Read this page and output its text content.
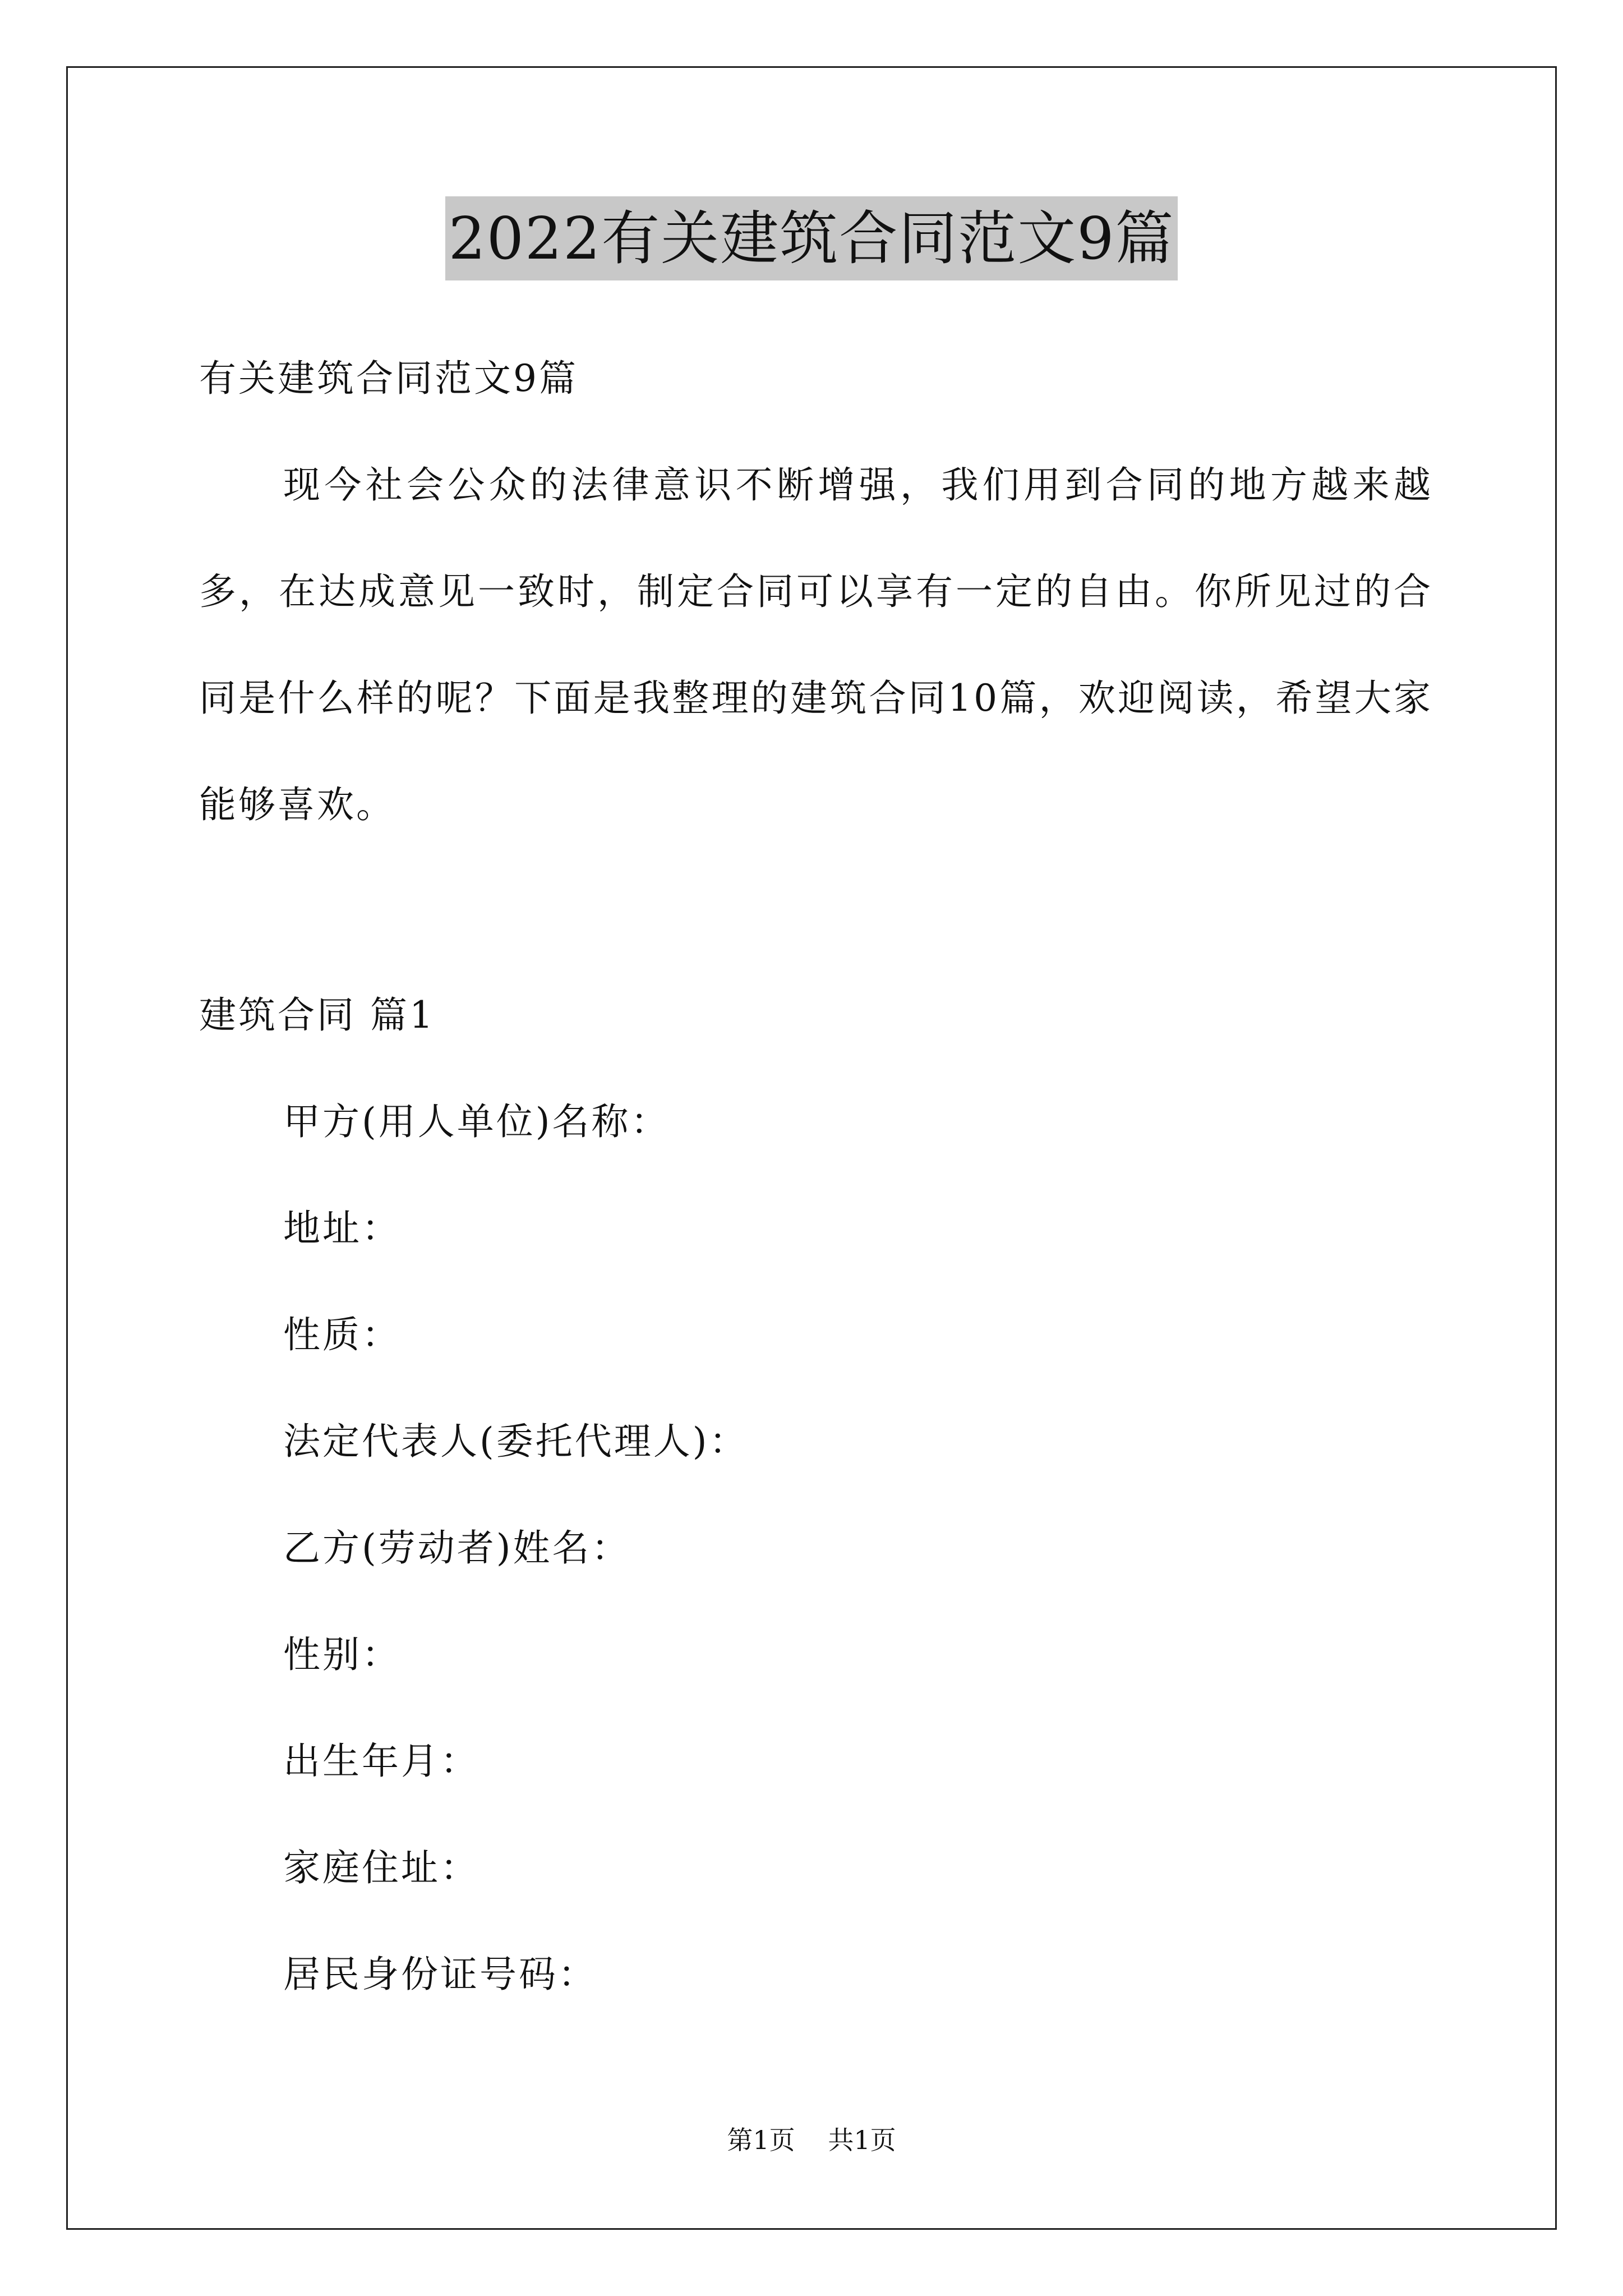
2022有关建筑合同范文9篇
有关建筑合同范文9篇
现今社会公众的法律意识不断增强，我们用到合同的地方越来越多，在达成意见一致时，制定合同可以享有一定的自由。你所见过的合同是什么样的呢？下面是我整理的建筑合同10篇，欢迎阅读，希望大家能够喜欢。
建筑合同 篇1
甲方(用人单位)名称：
地址：
性质：
法定代表人(委托代理人)：
乙方(劳动者)姓名：
性别：
出生年月：
家庭住址：
居民身份证号码：
第1页 共1页
